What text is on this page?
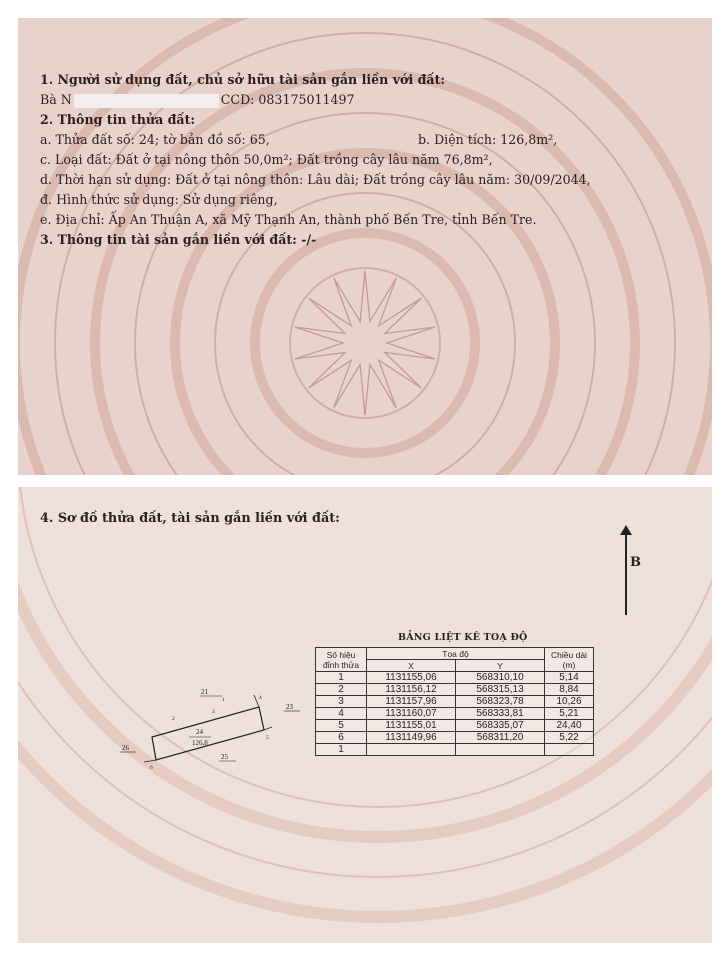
1. Người sử dụng đất, chủ sở hữu tài sản gắn liền với đất:
Bà N	CCD: 083175011497
2. Thông tin thửa đất:
a. Thửa đất số: 24; tờ bản đồ số: 65,	b. Diện tích: 126,8m²,
c. Loại đất: Đất ở tại nông thôn 50,0m²; Đất trồng cây lâu năm 76,8m²,
d. Thời hạn sử dụng: Đất ở tại nông thôn: Lâu dài; Đất trồng cây lâu năm: 30/09/2044,
đ. Hình thức sử dụng: Sử dụng riêng,
e. Địa chỉ: Ấp An Thuận A, xã Mỹ Thạnh An, thành phố Bến Tre, tỉnh Bến Tre.
3. Thông tin tài sản gắn liền với đất: -/-
4. Sơ đồ thửa đất, tài sản gắn liền với đất:
B
21
23
25
26
24
126,8
1
2
3
4
5
6
BẢNG LIỆT KÊ TOẠ ĐỘ
Số hiệu đỉnh thửa	Tọa độ		Chiều dài (m)
	X	Y	
1	1131155,06	568310,10	5,14
2	1131156,12	568315,13	8,84
3	1131157,96	568323,78	10,26
4	1131160,07	568333,81	5,21
5	1131155,01	568335,07	24,40
6	1131149,96	568311,20	5,22
1			
